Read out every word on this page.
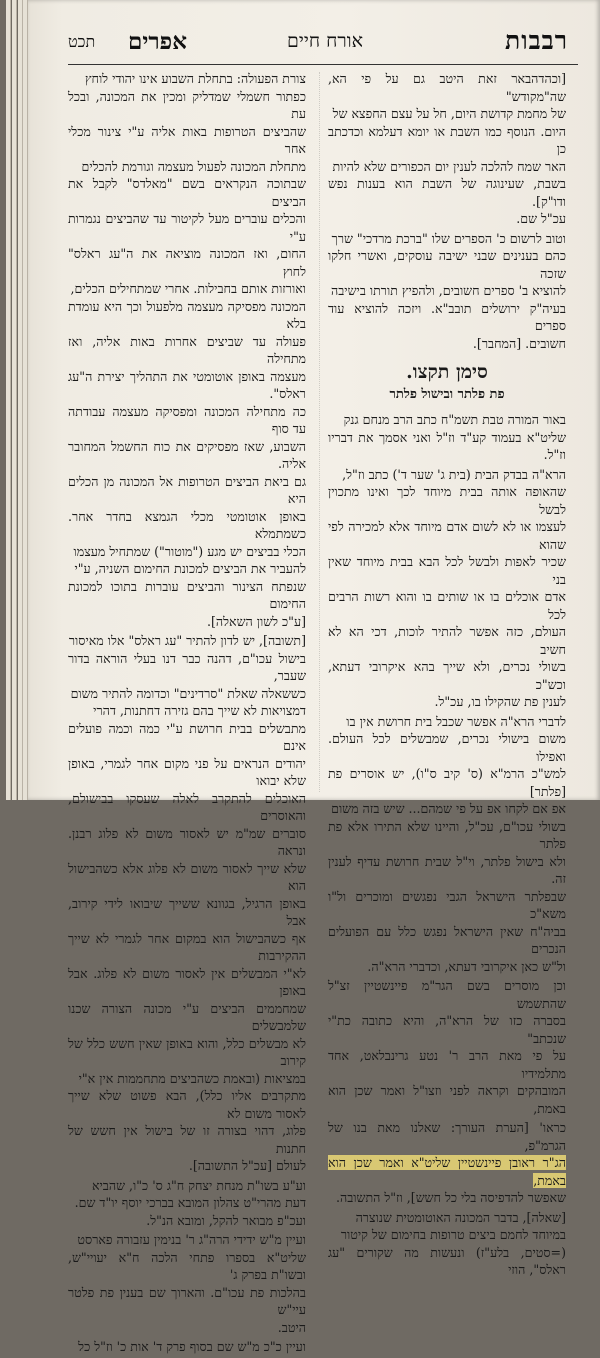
רבבות
אורח חיים
אפרים
תכט

[וכהדהבאר זאת היטב גם על פי הא, שה"מקודש"
של מחמת קדושת היום, חל על עצם החפצא של
היום. הנוסף כמו השבת או יומא דעלמא וכדכתב כן
האר שמח להלכה לענין יום הכפורים שלא להיות
בשבת, שעינוגה של השבת הוא בענות נפש ודו"ק].
עכ"ל שם.

וטוב לרשום כ' הספרים שלו "ברכת מרדכי" שרך
כהם בענינים שבני ישיבה עוסקים, ואשרי חלקו שזכה
להוציא ב' ספרים חשובים, ולהפיץ תורתו בישיבה
בעיה"ק ירושלים תובב"א. ויזכה להוציא עוד ספרים
חשובים. [המחבר].

סימן תקצו.
פת פלתר ובישול פלתר

באור המורה טבת תשמ"ח כתב הרב מנחם גנק
שליט"א בעמוד קע"ד וז"ל ואני אסמך את דבריו וז"ל.

הרא"ה בבדק הבית (בית ג' שער ד') כתב וז"ל,
שהאופה אותה בבית מיוחד לכך ואינו מתכוין לבשל
לעצמו או לא לשום אדם מיוחד אלא למכירה לפי שהוא
שכיר לאפות ולבשל לכל הבא בבית מיוחד שאין בני
אדם אוכלים בו או שותים בו והוא רשות הרבים לכל
העולם, כזה אפשר להתיר לוכות, דכי הא לא חשיב
בשולי נכרים, ולא שייך בהא איקרובי דעתא, וכש"כ
לענין פת שהקילו בו, עכ"ל.

לדברי הרא"ה אפשר שכבל בית חרושת אין בו
משום בישולי נכרים, שמבשלים לכל העולם. ואפילו
למש"כ הרמ"א (ס' קיב ס"ו), יש אוסרים פת [פלתר]
אפ אם לקחו אפ על פי שמהם... שיש בזה משום
בשולי עכו"ם, עכ"ל, והיינו שלא התירו אלא פת פלתר
ולא בישול פלתר, וי"ל שבית חרושת עדיף לענין זה.
שבפלתר הישראל הגבי נפגשים ומוכרים ול"ו משא"כ
בביה"ח שאין הישראל נפגש כלל עם הפועלים הנכרים
ול"ש כאן איקרובי דעתא, וכדברי הרא"ה.

וכן מוסרים בשם הגר"מ פיינשטיין זצ"ל שהתשמש
בסברה כזו של הרא"ה, והיא כתובה כת"י שנכתב"
על פי מאת הרב ר' נטע גרינבלאט, אחד מתלמידיו
המובהקים וקראה לפני וזצו"ל ואמר שכן הוא באמת,

כראו' [הערת העורך: שאלנו מאת בנו של הגרמ"פ,
הג"ר ראובן פיינשטיין שליט"א ואמר שכן הוא באמת,
שאפשר להדפיסה בלי כל חשש], וז"ל התשובה.

[שאלה], בדבר המכונה האוטומטית שנוצרה
במיוחד לחמם ביצים טרופות בחימום של קיטור
(=סטים, בלע"ז) ונעשות מה שקורים "עג ראלס", הוזי

צורת הפעולה: בתחלת השבוע אינו יהודי לוחץ
כפתור חשמלי שמדליק ומכין את המכונה, ובכל עת
שהביצים הטרופות באות אליה ע"י צינור מכלי אחר
מתחלת המכונה לפעול מעצמה וגורמת להכלים
שבתוכה הנקראים בשם "מאלדס" לקבל את הביצים
והכלים עוברים מעל לקיטור עד שהביצים נגמרות ע"י
החום, ואז המכונה מוציאה את ה"עג ראלס" לחוץ
ואורזות אותם בחבילות. אחרי שמתחילים הכלים,
המכונה מפסיקה מעצמה מלפעול וכך היא עומדת בלא
פעולה עד שביצים אחרות באות אליה, ואז מתחילה
מעצמה באופן אוטומטי את התהליך יצירת ה"עג ראלס".
כה מתחילה המכונה ומפסיקה מעצמה עבודתה עד סוף
השבוע, שאז מפסיקים את כוח החשמל המחובר אליה.
גם ביאת הביצים הטרופות אל המכונה מן הכלים היא
באופן אוטומטי מכלי הגמצא בחדר אחר. כשמתמלא
הכלי בביצים יש מגע ("מוטור") שמתחיל מעצמו
להעביר את הביצים למכונת החימום השניה, ע"י
שנפתח הצינור והביצים עוברות בתוכו למכונת החימום
[ע"כ לשון השאלה].

[תשובה], יש לדון להתיר "עג ראלס" אלו מאיסור
בישול עכו"ם, דהנה כבר דנו בעלי הוראה בדור שעבר,
כששאלה שאלת "סרדינים" וכדומה להתיר משום
דמצויאות לא שייך בהם גזירה דחתנות, דהרי
מתבשלים בבית חרושת ע"י כמה וכמה פועלים אינם
יהודים הנראים על פני מקום אחר לגמרי, באופן שלא יבואו
האוכלים להתקרב לאלה שעסקו בבישולם, והאוסרים
סוברים שמ"מ יש לאסור משום לא פלוג רבנן. ונראה
שלא שייך לאסור משום לא פלוג אלא כשהבישול הוא
באופן הרגיל, בגוונא ששייך שיבואו לידי קירוב, אבל
אף כשהבישול הוא במקום אחר לגמרי לא שייך ההקירבות
לא"י המבשלים אין לאסור משום לא פלוג. אבל באופן
שמחממים הביצים ע"י מכונה הצורה שכנו שלמבשלים
לא מבשלים כלל, והוא באופן שאין חשש כלל של קירוב
במציאות (ובאמת כשהביצים מתחממות אין א"י
מתקרבים אליו כלל), הבא פשוט שלא שייך לאסור משום לא
פלוג, דהוי בצורה זו של בישול אין חשש של חתנות
לעולם [עכ"ל התשובה].

וע"ע בשו"ת מנחת יצחק ח"ג ס' כ"ו, שהביא
דעת מהרי"ט צהלון המובא בברכי יוסף יו"ד שם.
ועכ"פ מבואר להקל, ומובא הנ"ל.

ועיין מ"ש ידידי הרה"ג ר' בנימין עזבורה פארסט
שליט"א בספרו פתחי הלכה ח"א יעויי"ש, ובשו"ת בפרק ג'
בהלכות פת עכו"ם. והארוך שם בענין פת פלטר עיי"ש
היטב.

ועיין כ"כ מ"ש שם בסוף פרק ד' אות כ' וז"ל כל
